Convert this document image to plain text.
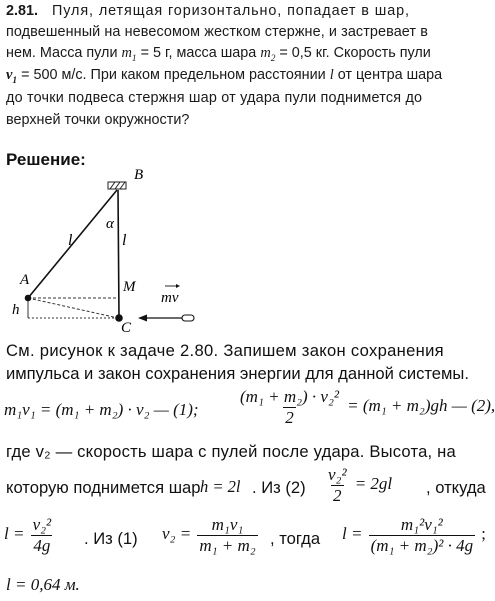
2.81. Пуля, летящая горизонтально, попадает в шар,
подвешенный на невесомом жестком стержне, и застревает в
нем. Масса пули $m_1 = 5$ г, масса шара $m_2 = 0,5$ кг. Скорость пули
$v_1 = 500$ м/с. При каком предельном расстоянии l от центра шара
до точки подвеса стержня шар от удара пули поднимется до
верхней точки окружности?
Решение:
B
α
l	l
A	M
h
C
mv
См. рисунок к задаче 2.80. Запишем закон сохранения
импульса и закон сохранения энергии для данной системы.
m₁v₁ = (m₁ + m₂) · v₂ — (1); $\frac{\text{(m₁ + m₂) · v₂²}}{2} = (m_1 + m_2)gh$ — (2),
где v₂ — скорость шара с пулей после удара. Высота, на
которую поднимется шар h = 2l . Из $(2) \frac{\text{v₂²}}{2} = 2gl$ , откуда
$l = \frac{\text{v₂²}}{4g}$ . Из (1) $v_2 = \frac{\text{m₁v₁}}{\text{m₁ + m₂}}$ , тогда $l = \frac{\text{m₁²v₁²}}{\text{(m₁ + m₂)² · 4g}}$ ;
l = 0,64 м.
